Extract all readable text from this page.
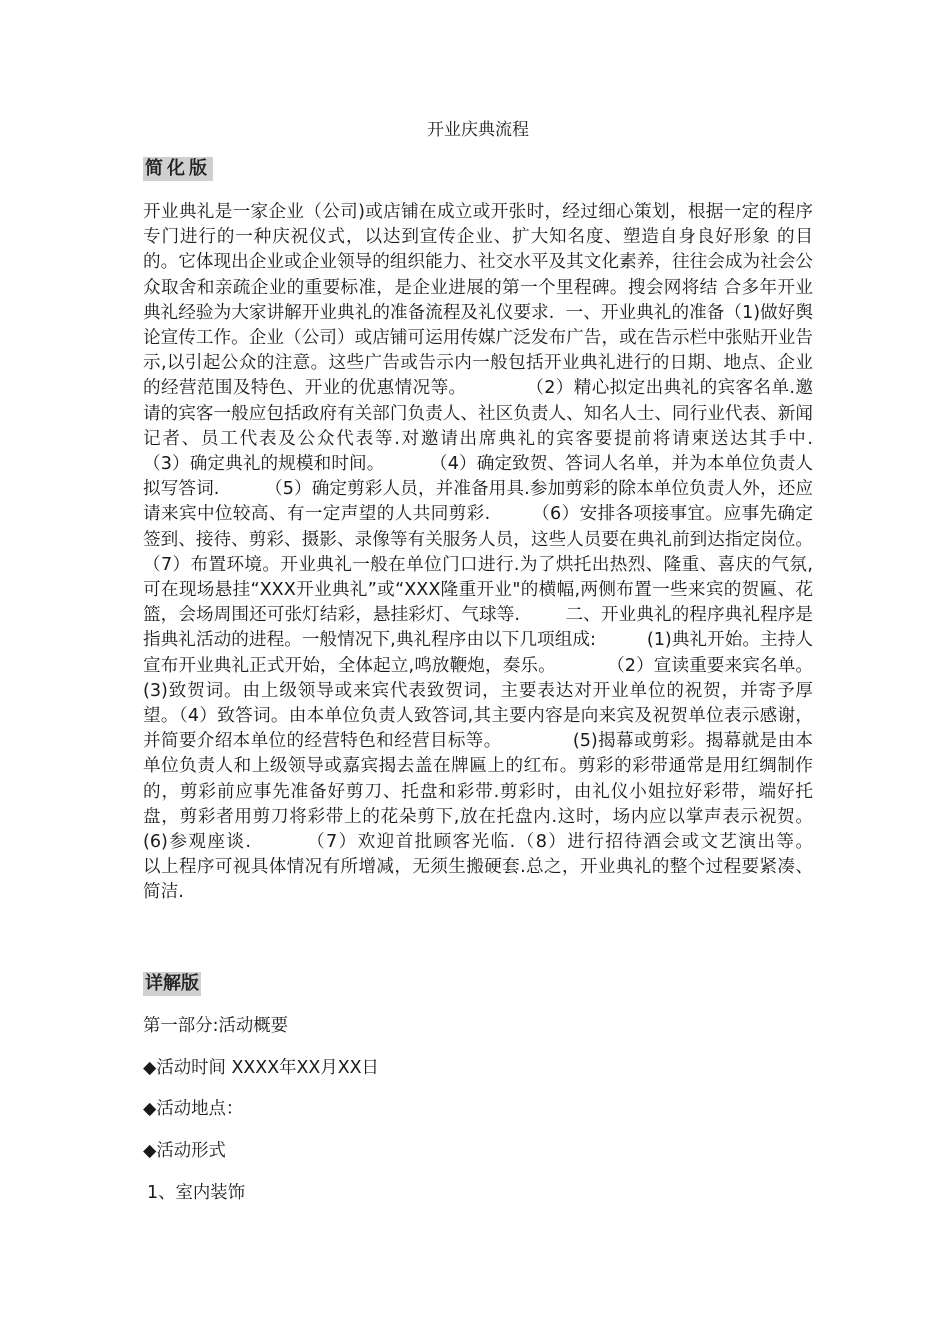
开业庆典流程
简化版
开业典礼是一家企业（公司)或店铺在成立或开张时，经过细心策划，根据一定的程序专门进行的一种庆祝仪式，以达到宣传企业、扩大知名度、塑造自身良好形象 的目的。它体现出企业或企业领导的组织能力、社交水平及其文化素养，往往会成为社会公众取舍和亲疏企业的重要标准，是企业进展的第一个里程碑。搜会网将结 合多年开业典礼经验为大家讲解开业典礼的准备流程及礼仪要求.  一、开业典礼的准备（1)做好舆论宣传工作。企业（公司）或店铺可运用传媒广泛发布广告，或在告示栏中张贴开业告示,以引起公众的注意。这些广告或告示内一般包括开业典礼进行的日期、地点、企业的经营范围及特色、开业的优惠情况等。          （2）精心拟定出典礼的宾客名单.邀请的宾客一般应包括政府有关部门负责人、社区负责人、知名人士、同行业代表、新闻记者、员工代表及公众代表等.对邀请出席典礼的宾客要提前将请柬送达其手中.         （3）确定典礼的规模和时间。        （4）确定致贺、答词人名单，并为本单位负责人拟写答词.        （5）确定剪彩人员，并准备用具.参加剪彩的除本单位负责人外，还应请来宾中位较高、有一定声望的人共同剪彩.       （6）安排各项接事宜。应事先确定签到、接待、剪彩、摄影、录像等有关服务人员，这些人员要在典礼前到达指定岗位。         （7）布置环境。开业典礼一般在单位门口进行.为了烘托出热烈、隆重、喜庆的气氛,可在现场悬挂“XXX开业典礼”或“XXX隆重开业"的横幅,两侧布置一些来宾的贺匾、花篮，会场周围还可张灯结彩，悬挂彩灯、气球等.        二、开业典礼的程序典礼程序是指典礼活动的进程。一般情况下,典礼程序由以下几项组成:         (1)典礼开始。主持人宣布开业典礼正式开始，全体起立,鸣放鞭炮，奏乐。         （2）宣读重要来宾名单。         (3)致贺词。由上级领导或来宾代表致贺词，主要表达对开业单位的祝贺，并寄予厚望。（4）致答词。由本单位负责人致答词,其主要内容是向来宾及祝贺单位表示感谢，并简要介绍本单位的经营特色和经营目标等。            (5)揭幕或剪彩。揭幕就是由本单位负责人和上级领导或嘉宾揭去盖在牌匾上的红布。剪彩的彩带通常是用红绸制作的，剪彩前应事先准备好剪刀、托盘和彩带.剪彩时，由礼仪小姐拉好彩带，端好托盘，剪彩者用剪刀将彩带上的花朵剪下,放在托盘内.这时，场内应以掌声表示祝贺。         (6)参观座谈.        （7）欢迎首批顾客光临.（8）进行招待酒会或文艺演出等。        以上程序可视具体情况有所增减，无须生搬硬套.总之，开业典礼的整个过程要紧凑、简洁.
详解版
第一部分:活动概要
◆活动时间 XXXX年XX月XX日
◆活动地点：
◆活动形式
1、室内装饰
